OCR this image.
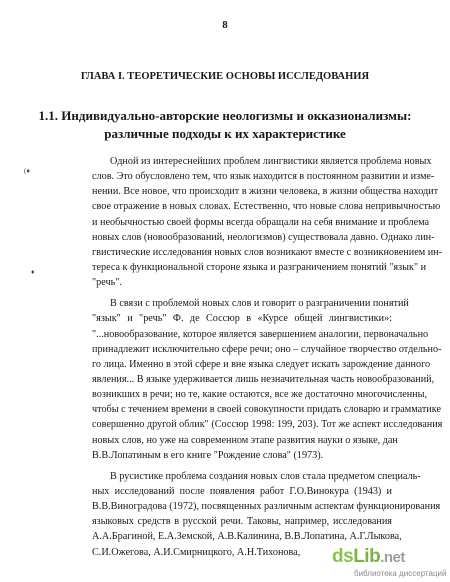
8
ГЛАВА I. ТЕОРЕТИЧЕСКИЕ ОСНОВЫ ИССЛЕДОВАНИЯ
1.1. Индивидуально-авторские неологизмы и окказионализмы:
различные подходы к их характеристике
(♦
♦
Одной из интереснейших проблем лингвистики является проблема новых
слов. Это обусловлено тем, что язык находится в постоянном развитии и изме-
нении. Все новое, что происходит в жизни человека, в жизни общества находит
свое отражение в новых словах. Естественно, что новые слова непривычностью
и необычностью своей формы всегда обращали на себя внимание и проблема
новых слов (новообразований, неологизмов) существовала давно. Однако лин-
гвистические исследования новых слов возникают вместе с возникновением ин-
тереса к функциональной стороне языка и разграничением понятий "язык" и
"речь".
В связи с проблемой новых слов и говорит о разграничении понятий
"язык" и "речь" Ф. де Соссюр в «Курсе общей лингвистики»:
"...новообразование, которое является завершением аналогии, первоначально
принадлежит исключительно сфере речи; оно – случайное творчество отдельно-
го лица. Именно в этой сфере и вне языка следует искать зарождение данного
явления... В языке удерживается лишь незначительная часть новообразований,
возникших в речи; но те, какие остаются, все же достаточно многочисленны,
чтобы с течением времени в своей совокупности придать словарю и грамматике
совершенно другой облик" (Соссюр 1998: 199, 203). Тот же аспект исследования
новых слов, но уже на современном этапе развития науки о языке, дан
В.В.Лопатиным в его книге "Рождение слова" (1973).
В русистике проблема создания новых слов стала предметом специаль-
ных исследований после появления работ Г.О.Винокура (1943) и
В.В.Виноградова (1972), посвященных различным аспектам функционирования
языковых средств в русской речи. Таковы, например, исследования
А.А.Брагиной, Е.А.Земской, А.В.Калинина, В.В.Лопатина, А.Г.Лыкова,
С.И.Ожегова, А.И.Смирницкого, А.Н.Тихонова,	dsLib.net
библиотека диссертаций
